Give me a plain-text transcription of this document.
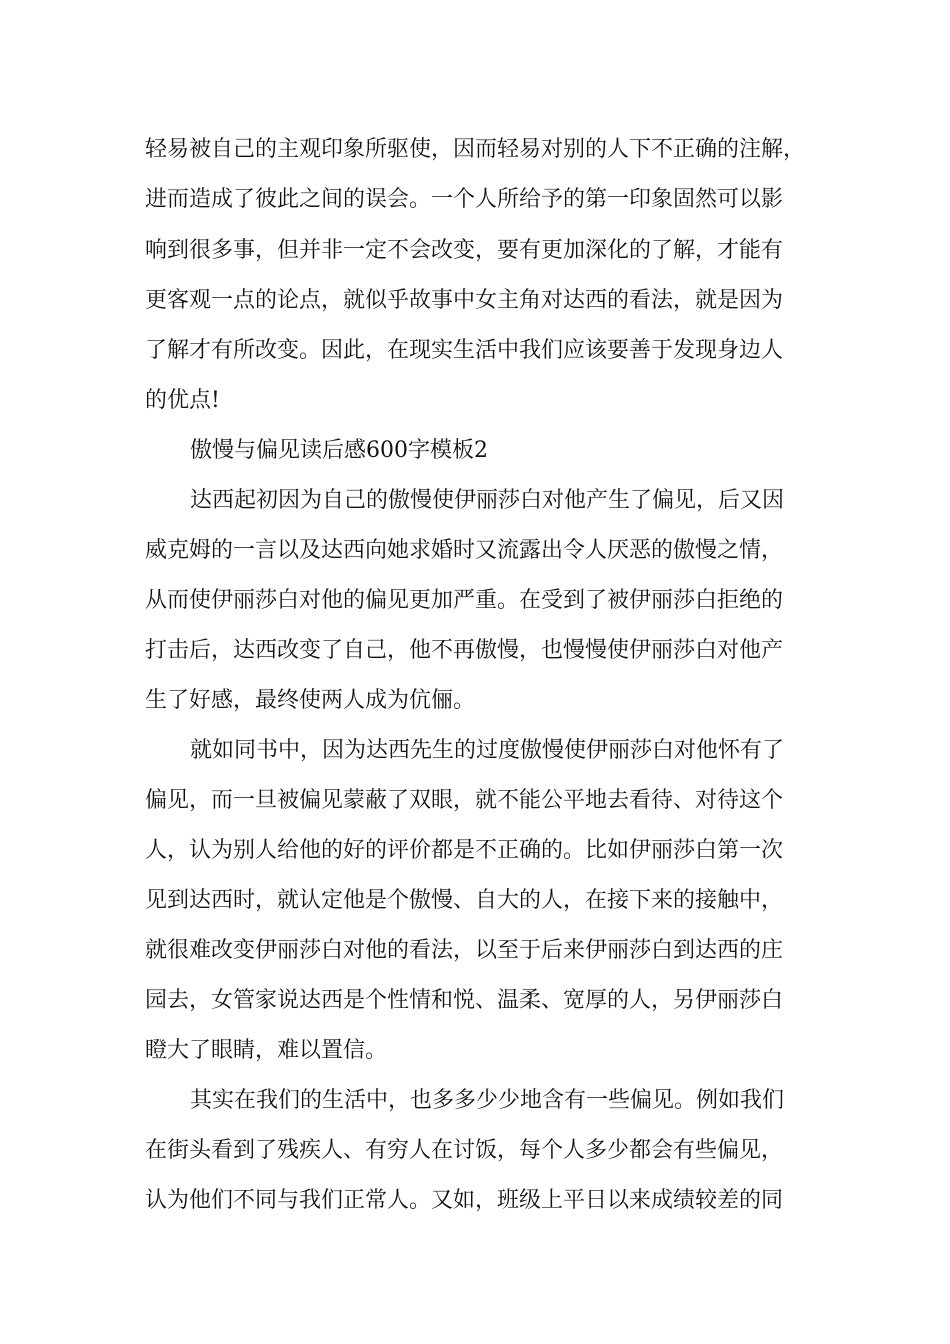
轻易被自己的主观印象所驱使，因而轻易对别的人下不正确的注解，
进而造成了彼此之间的误会。一个人所给予的第一印象固然可以影
响到很多事，但并非一定不会改变，要有更加深化的了解，才能有
更客观一点的论点，就似乎故事中女主角对达西的看法，就是因为
了解才有所改变。因此，在现实生活中我们应该要善于发现身边人
的优点!
傲慢与偏见读后感600字模板2
达西起初因为自己的傲慢使伊丽莎白对他产生了偏见，后又因
威克姆的一言以及达西向她求婚时又流露出令人厌恶的傲慢之情，
从而使伊丽莎白对他的偏见更加严重。在受到了被伊丽莎白拒绝的
打击后，达西改变了自己，他不再傲慢，也慢慢使伊丽莎白对他产
生了好感，最终使两人成为伉俪。
就如同书中，因为达西先生的过度傲慢使伊丽莎白对他怀有了
偏见，而一旦被偏见蒙蔽了双眼，就不能公平地去看待、对待这个
人，认为别人给他的好的评价都是不正确的。比如伊丽莎白第一次
见到达西时，就认定他是个傲慢、自大的人，在接下来的接触中，
就很难改变伊丽莎白对他的看法，以至于后来伊丽莎白到达西的庄
园去，女管家说达西是个性情和悦、温柔、宽厚的人，另伊丽莎白
瞪大了眼睛，难以置信。
其实在我们的生活中，也多多少少地含有一些偏见。例如我们
在街头看到了残疾人、有穷人在讨饭，每个人多少都会有些偏见，
认为他们不同与我们正常人。又如，班级上平日以来成绩较差的同
